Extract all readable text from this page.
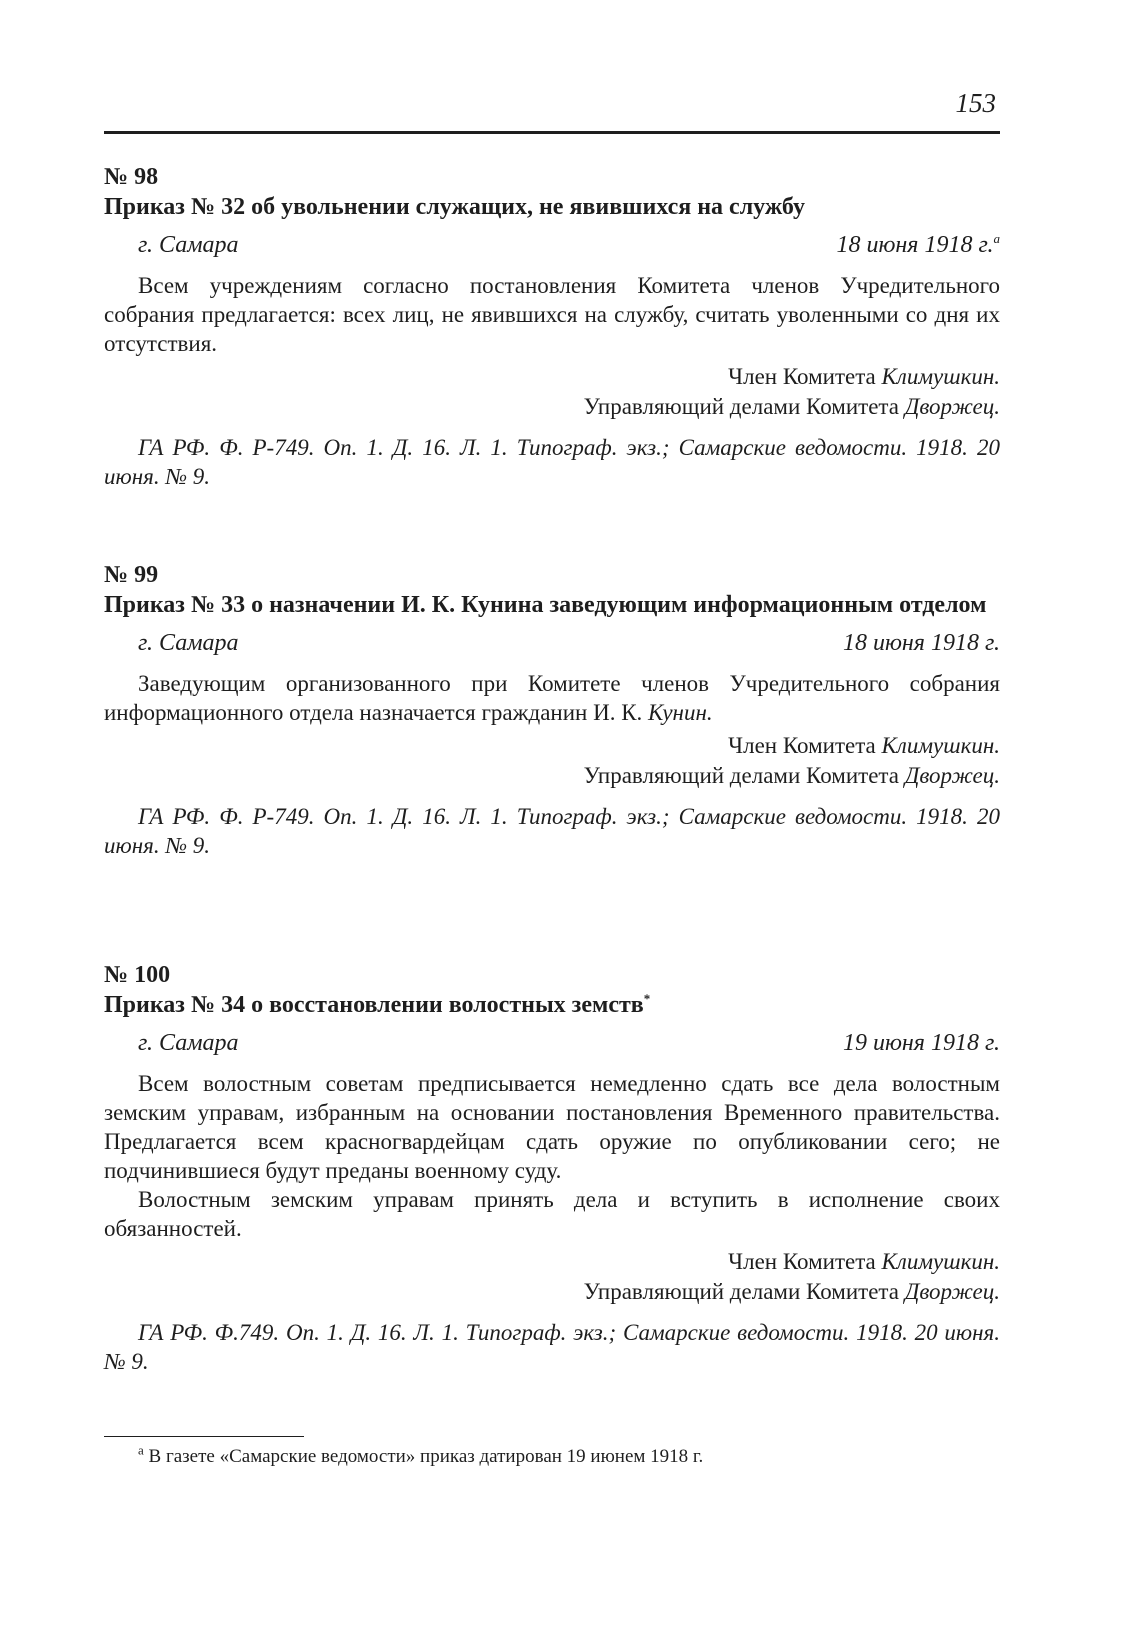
153
№ 98
Приказ № 32 об увольнении служащих, не явившихся на службу
г. Самара	18 июня 1918 г.$^а$
Всем учреждениям согласно постановления Комитета членов Учредительного собрания предлагается: всех лиц, не явившихся на службу, считать уволенными со дня их отсутствия.
Член Комитета Климушкин.
Управляющий делами Комитета Дворжец.
ГА РФ. Ф. Р-749. Оп. 1. Д. 16. Л. 1. Типограф. экз.; Самарские ведомости. 1918. 20 июня. № 9.
№ 99
Приказ № 33 о назначении И. К. Кунина заведующим информационным отделом
г. Самара	18 июня 1918 г.
Заведующим организованного при Комитете членов Учредительного собрания информационного отдела назначается гражданин И. К. Кунин.
Член Комитета Климушкин.
Управляющий делами Комитета Дворжец.
ГА РФ. Ф. Р-749. Оп. 1. Д. 16. Л. 1. Типограф. экз.; Самарские ведомости. 1918. 20 июня. № 9.
№ 100
Приказ № 34 о восстановлении волостных земств*
г. Самара	19 июня 1918 г.
Всем волостным советам предписывается немедленно сдать все дела волостным земским управам, избранным на основании постановления Временного правительства. Предлагается всем красногвардейцам сдать оружие по опубликовании сего; не подчинившиеся будут преданы военному суду.
Волостным земским управам принять дела и вступить в исполнение своих обязанностей.
Член Комитета Климушкин.
Управляющий делами Комитета Дворжец.
ГА РФ. Ф.749. Оп. 1. Д. 16. Л. 1. Типограф. экз.; Самарские ведомости. 1918. 20 июня. № 9.
$^а$ В газете «Самарские ведомости» приказ датирован 19 июнем 1918 г.
